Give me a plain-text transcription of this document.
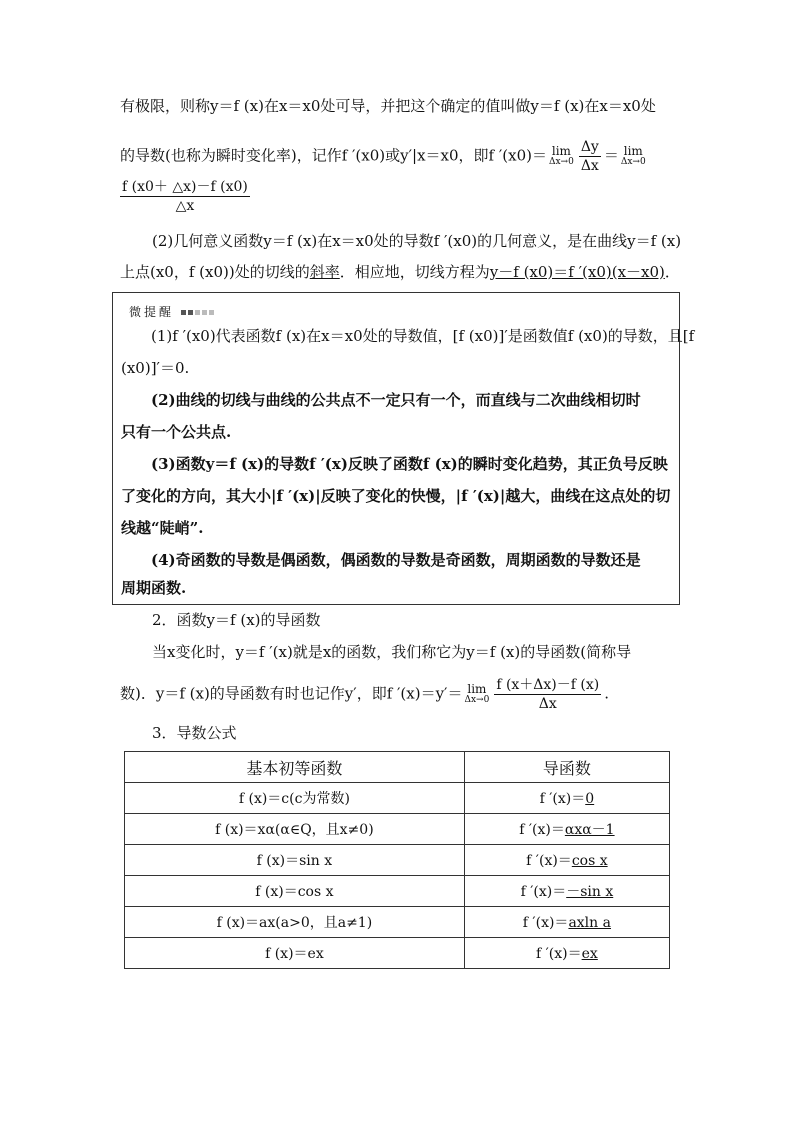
有极限，则称y＝f (x)在x＝x0处可导，并把这个确定的值叫做y＝f (x)在x＝x0处
的导数(也称为瞬时变化率)，记作f ′(x0)或y′|x＝x0，即f ′(x0)＝ lim
$\Delta x\to 0 \frac{\Delta y}{\Delta x} = \lim$
Δx→0
$\frac{f (x0+ \triangle x)-f (x0)}{\triangle x}$
(2)几何意义函数y＝f (x)在x＝x0处的导数f ′(x0)的几何意义，是在曲线y＝f (x)
上点(x0，f (x0))处的切线的斜率．相应地，切线方程为y－f (x0)＝f ′(x0)(x－x0)．
微提醒
(1)f ′(x0)代表函数f (x)在x＝x0处的导数值，[f (x0)]′是函数值f (x0)的导数，且[f
(x0)]′＝0.
(2)曲线的切线与曲线的公共点不一定只有一个，而直线与二次曲线相切时
只有一个公共点.
(3)函数y＝f (x)的导数f ′(x)反映了函数f (x)的瞬时变化趋势，其正负号反映
了变化的方向，其大小|f ′(x)|反映了变化的快慢，|f ′(x)|越大，曲线在这点处的切
线越“陡峭”.
(4)奇函数的导数是偶函数，偶函数的导数是奇函数，周期函数的导数还是
周期函数.
2．函数y＝f (x)的导函数
当x变化时，y＝f ′(x)就是x的函数，我们称它为y＝f (x)的导函数(简称导
数)．y＝f (x)的导函数有时也记作y′，即f ′(x)＝y′＝ lim
$\Delta x\to 0 \frac{f (x+\Delta x)-f (x)}{\Delta x}$ .
3．导数公式
基本初等函数	导函数
f (x)＝c(c为常数)	f ′(x)＝0
f (x)＝xα(α∈Q，且x≠0)	f ′(x)＝αxα－1
f (x)＝sin x	f ′(x)＝cos x
f (x)＝cos x	f ′(x)＝－sin x
f (x)＝ax(a>0，且a≠1)	f ′(x)＝axln a
f (x)＝ex	f ′(x)＝ex
